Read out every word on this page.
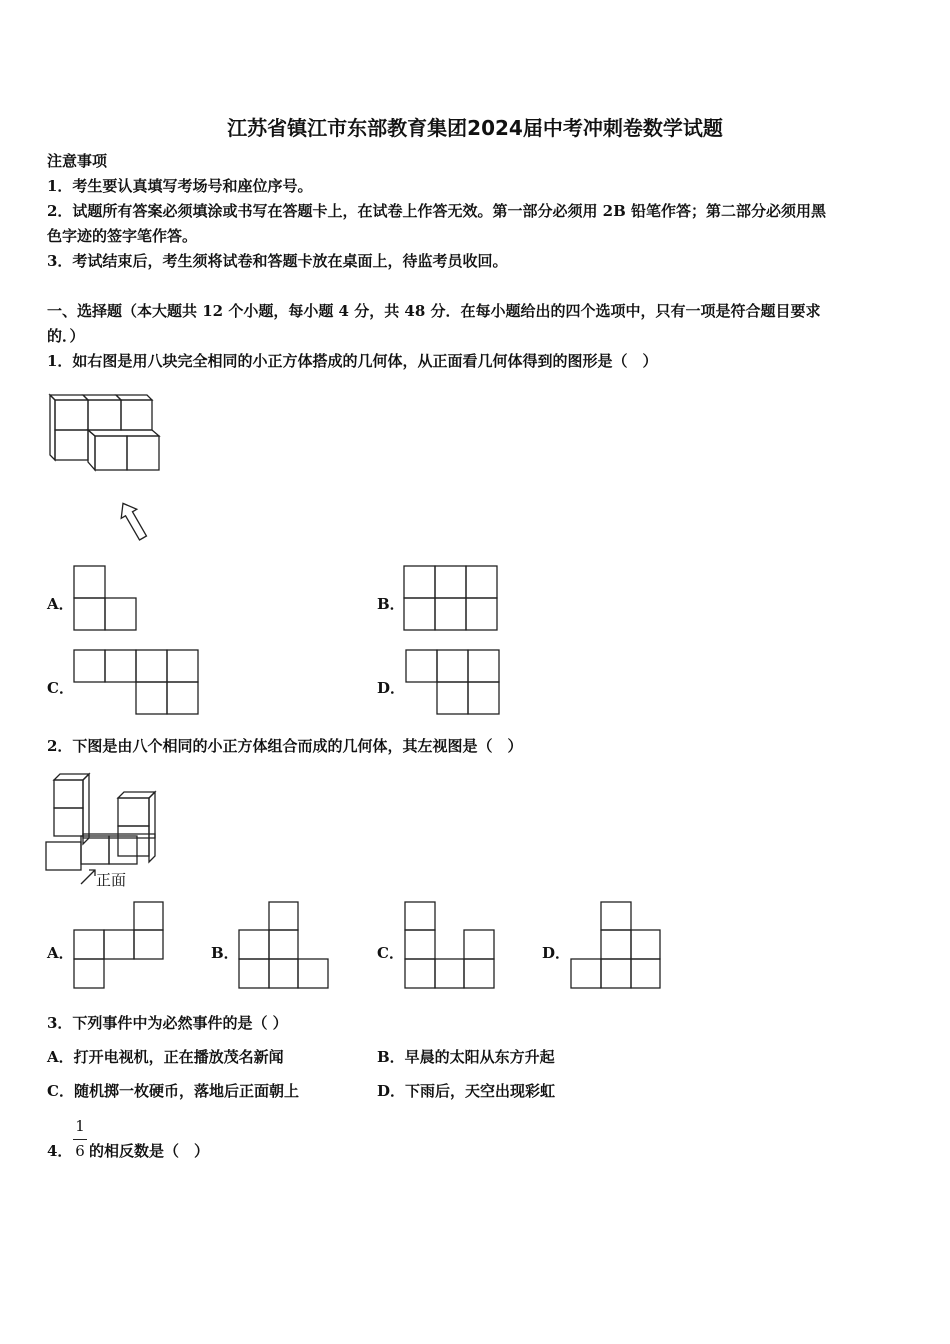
江苏省镇江市东部教育集团2024届中考冲刺卷数学试题
注意事项
1．考生要认真填写考场号和座位序号。
2．试题所有答案必须填涂或书写在答题卡上，在试卷上作答无效。第一部分必须用 2B 铅笔作答；第二部分必须用黑
色字迹的签字笔作答。
3．考试结束后，考生须将试卷和答题卡放在桌面上，待监考员收回。
一、选择题（本大题共 12 个小题，每小题 4 分，共 48 分．在每小题给出的四个选项中，只有一项是符合题目要求
的．）
1．如右图是用八块完全相同的小正方体搭成的几何体，从正面看几何体得到的图形是（　）
A．	B．
C．	D．
2．下图是由八个相同的小正方体组合而成的几何体，其左视图是（　）
正面
A．	B．	C．	D．
3．下列事件中为必然事件的是（ ）
A．打开电视机，正在播放茂名新闻	B．早晨的太阳从东方升起
C．随机掷一枚硬币，落地后正面朝上	D．下雨后，天空出现彩虹
4．
1
6 的相反数是（　）
